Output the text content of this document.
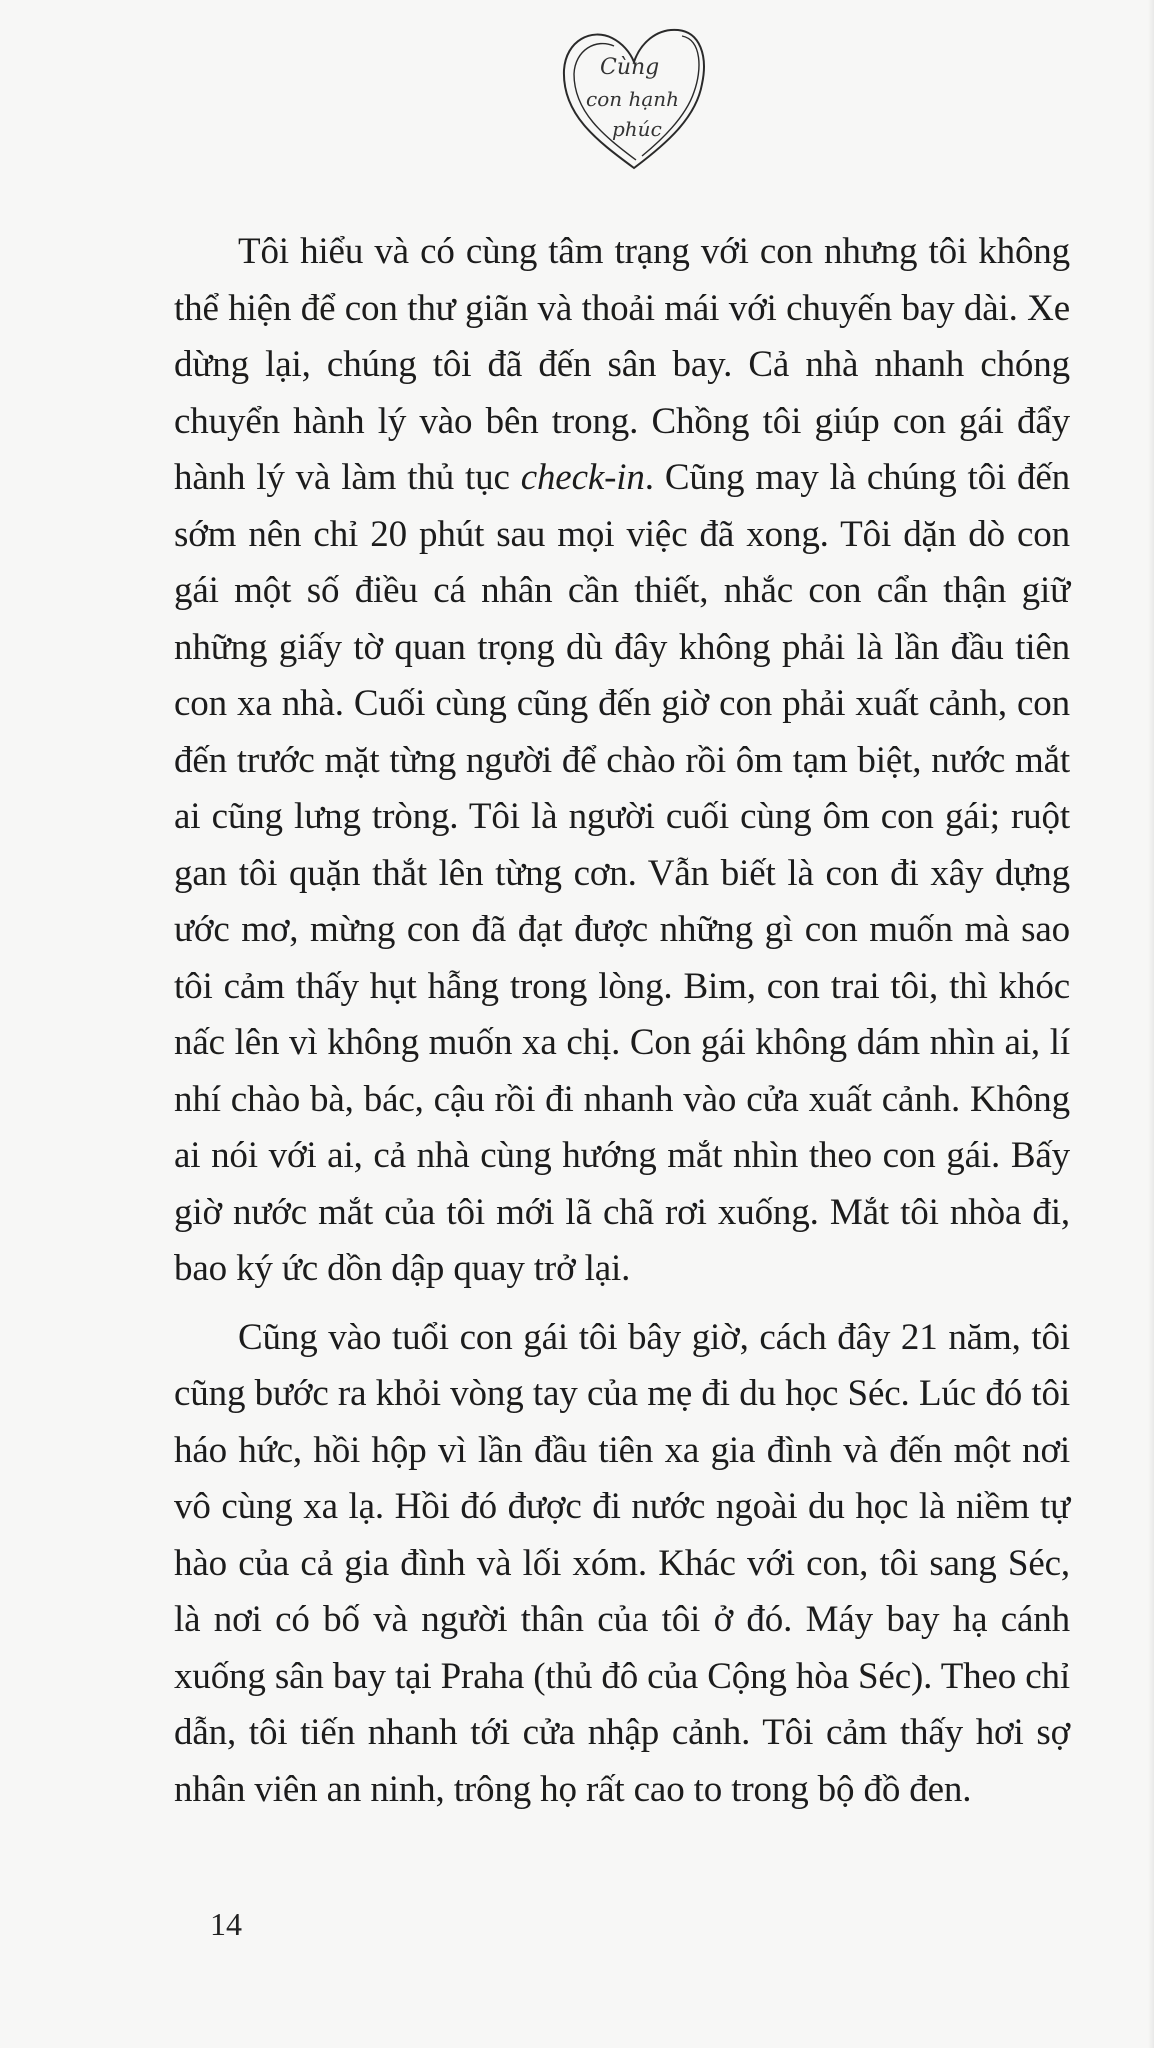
Cùng
con hạnh
phúc

Tôi hiểu và có cùng tâm trạng với con nhưng tôi không thể hiện để con thư giãn và thoải mái với chuyến bay dài. Xe dừng lại, chúng tôi đã đến sân bay. Cả nhà nhanh chóng chuyển hành lý vào bên trong. Chồng tôi giúp con gái đẩy hành lý và làm thủ tục check-in. Cũng may là chúng tôi đến sớm nên chỉ 20 phút sau mọi việc đã xong. Tôi dặn dò con gái một số điều cá nhân cần thiết, nhắc con cẩn thận giữ những giấy tờ quan trọng dù đây không phải là lần đầu tiên con xa nhà. Cuối cùng cũng đến giờ con phải xuất cảnh, con đến trước mặt từng người để chào rồi ôm tạm biệt, nước mắt ai cũng lưng tròng. Tôi là người cuối cùng ôm con gái; ruột gan tôi quặn thắt lên từng cơn. Vẫn biết là con đi xây dựng ước mơ, mừng con đã đạt được những gì con muốn mà sao tôi cảm thấy hụt hẫng trong lòng. Bim, con trai tôi, thì khóc nấc lên vì không muốn xa chị. Con gái không dám nhìn ai, lí nhí chào bà, bác, cậu rồi đi nhanh vào cửa xuất cảnh. Không ai nói với ai, cả nhà cùng hướng mắt nhìn theo con gái. Bấy giờ nước mắt của tôi mới lã chã rơi xuống. Mắt tôi nhòa đi, bao ký ức dồn dập quay trở lại.

Cũng vào tuổi con gái tôi bây giờ, cách đây 21 năm, tôi cũng bước ra khỏi vòng tay của mẹ đi du học Séc. Lúc đó tôi háo hức, hồi hộp vì lần đầu tiên xa gia đình và đến một nơi vô cùng xa lạ. Hồi đó được đi nước ngoài du học là niềm tự hào của cả gia đình và lối xóm. Khác với con, tôi sang Séc, là nơi có bố và người thân của tôi ở đó. Máy bay hạ cánh xuống sân bay tại Praha (thủ đô của Cộng hòa Séc). Theo chỉ dẫn, tôi tiến nhanh tới cửa nhập cảnh. Tôi cảm thấy hơi sợ nhân viên an ninh, trông họ rất cao to trong bộ đồ đen.

14
